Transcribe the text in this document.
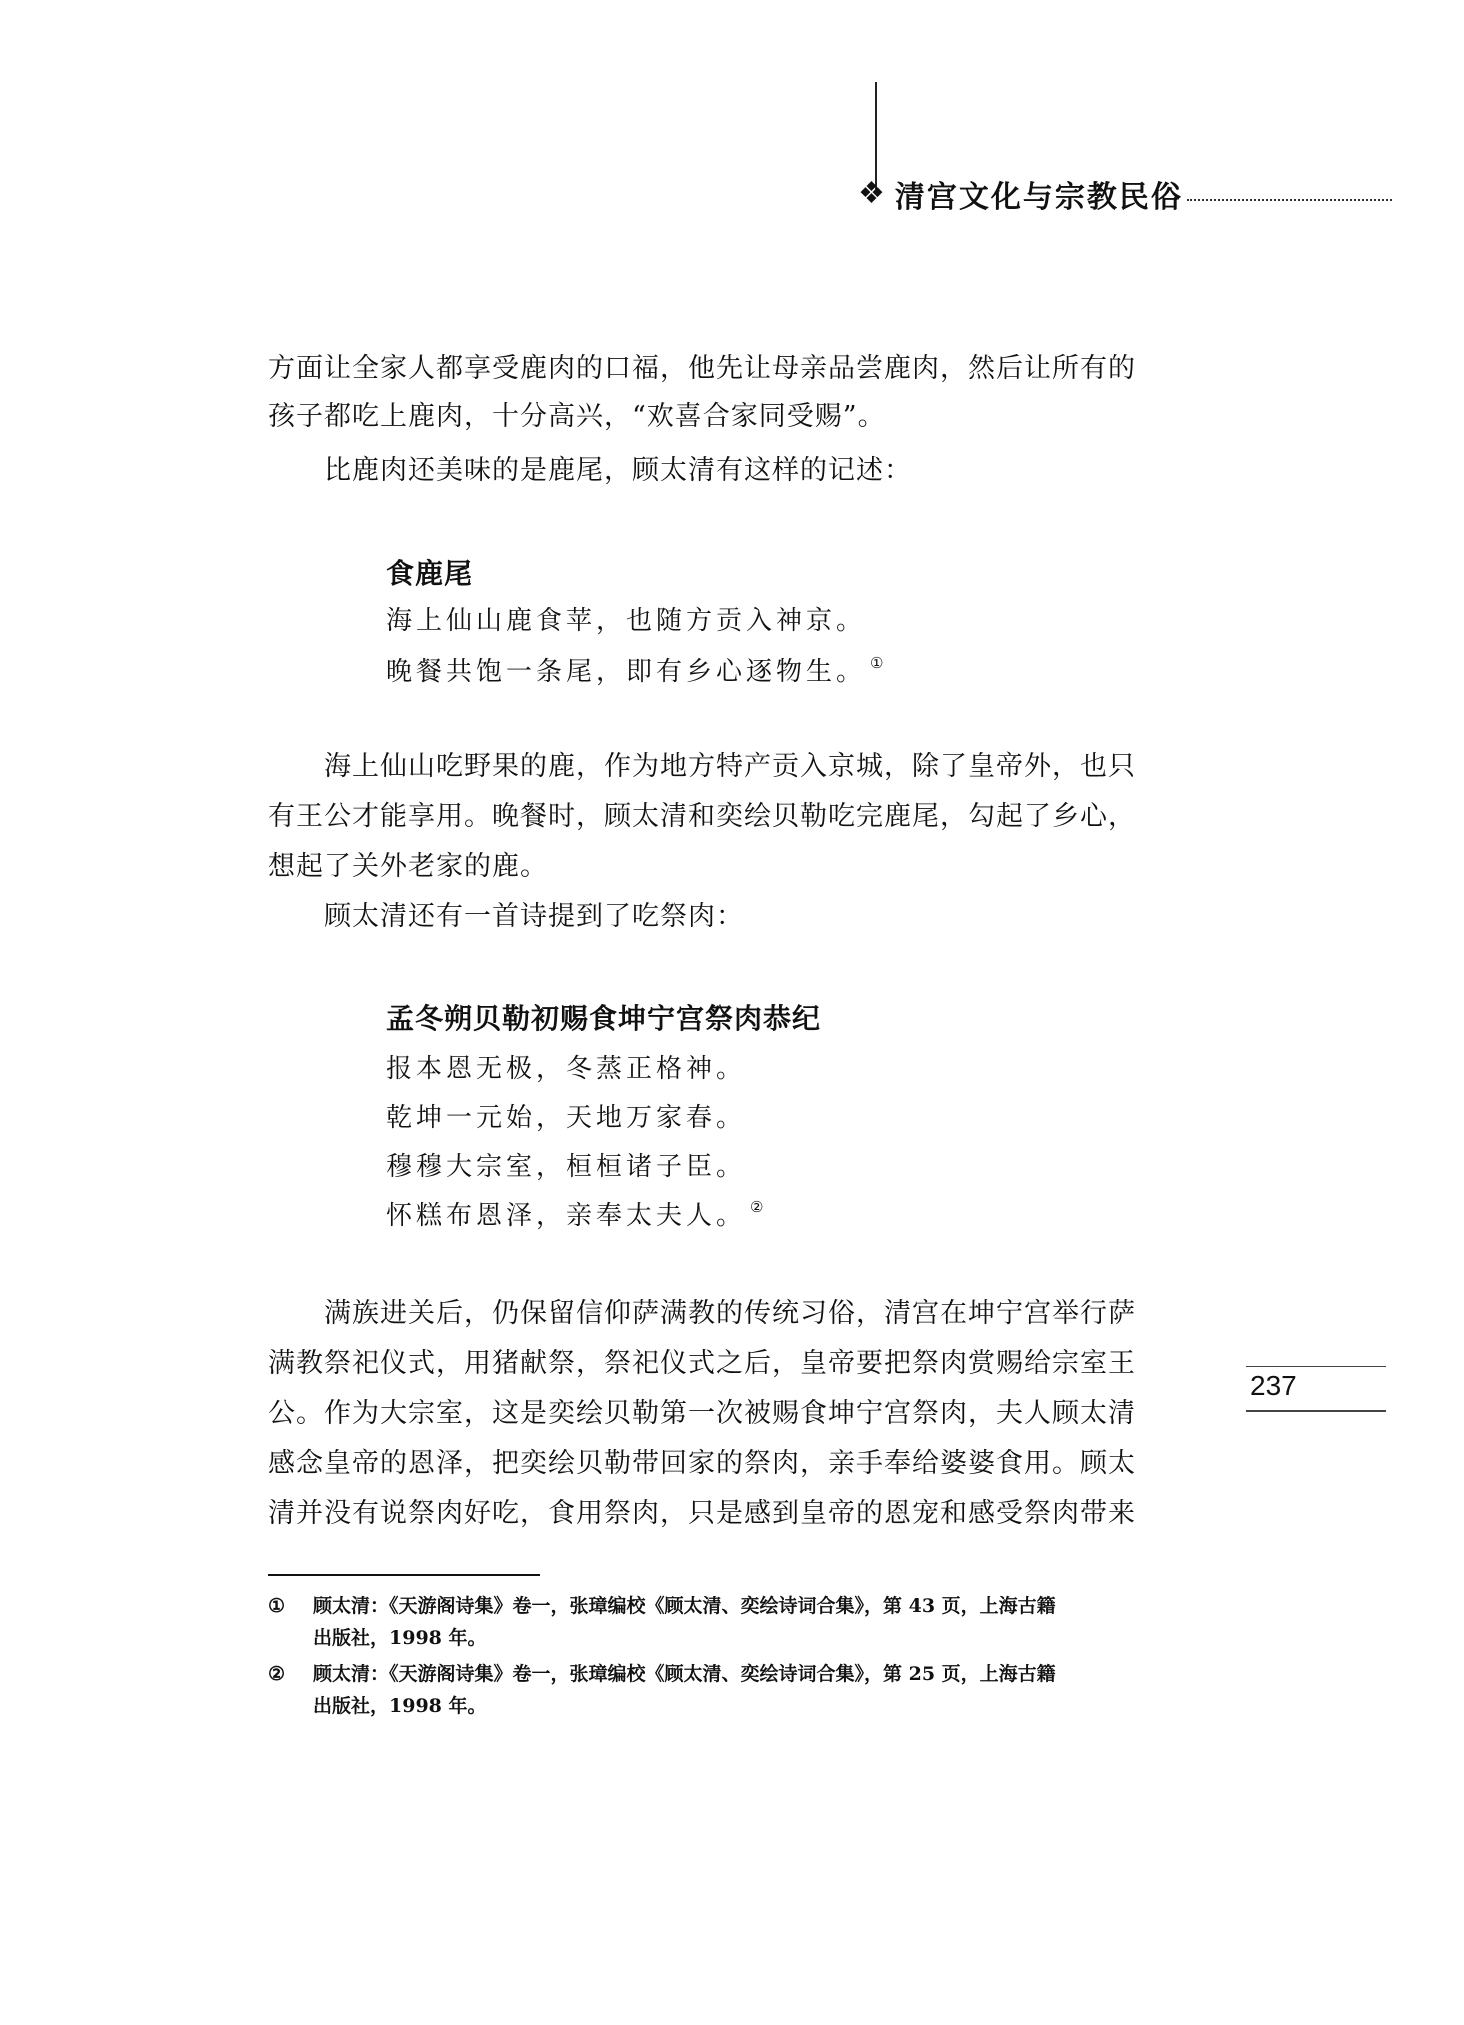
❖ 清宫文化与宗教民俗
方面让全家人都享受鹿肉的口福，他先让母亲品尝鹿肉，然后让所有的
孩子都吃上鹿肉，十分高兴，“欢喜合家同受赐”。
比鹿肉还美味的是鹿尾，顾太清有这样的记述：
食鹿尾
海上仙山鹿食苹，也随方贡入神京。
晚餐共饱一条尾，即有乡心逐物生。 ①
海上仙山吃野果的鹿，作为地方特产贡入京城，除了皇帝外，也只
有王公才能享用。晚餐时，顾太清和奕绘贝勒吃完鹿尾，勾起了乡心，
想起了关外老家的鹿。
顾太清还有一首诗提到了吃祭肉：
孟冬朔贝勒初赐食坤宁宫祭肉恭纪
报本恩无极，冬蒸正格神。
乾坤一元始，天地万家春。
穆穆大宗室，桓桓诸子臣。
怀糕布恩泽，亲奉太夫人。 ②
满族进关后，仍保留信仰萨满教的传统习俗，清宫在坤宁宫举行萨
满教祭祀仪式，用猪献祭，祭祀仪式之后，皇帝要把祭肉赏赐给宗室王
公。作为大宗室，这是奕绘贝勒第一次被赐食坤宁宫祭肉，夫人顾太清
感念皇帝的恩泽，把奕绘贝勒带回家的祭肉，亲手奉给婆婆食用。顾太
清并没有说祭肉好吃，食用祭肉，只是感到皇帝的恩宠和感受祭肉带来
①	顾太清：《天游阁诗集》卷一，张璋编校《顾太清、奕绘诗词合集》，第 43 页，上海古籍
出版社，1998 年。
②	顾太清：《天游阁诗集》卷一，张璋编校《顾太清、奕绘诗词合集》，第 25 页，上海古籍
出版社，1998 年。
237
